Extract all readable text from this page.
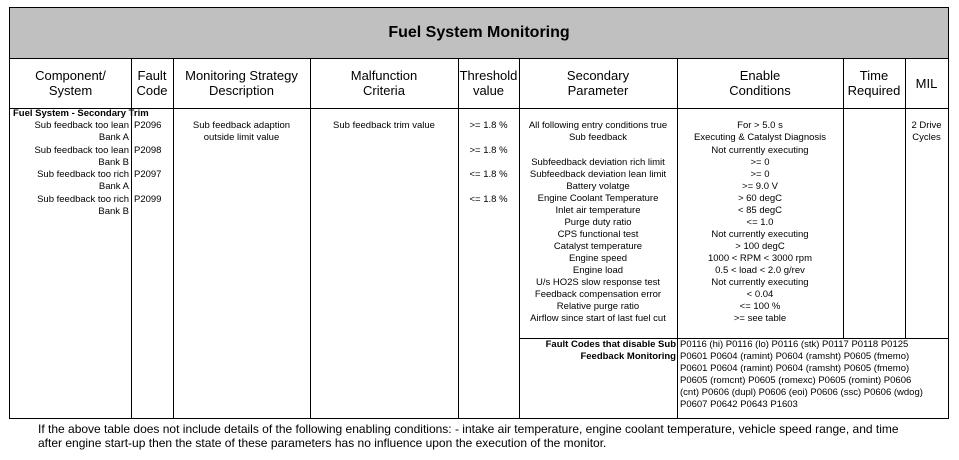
Fuel System Monitoring
Component/
System
Fault
Code
Monitoring Strategy
Description
Malfunction
Criteria
Threshold
value
Secondary
Parameter
Enable
Conditions
Time
Required	MIL
Fuel System - Secondary Trim
Sub feedback too lean
Bank A
Sub feedback too lean
Bank B
Sub feedback too rich
Bank A
Sub feedback too rich
Bank B
P2096
P2098
P2097
P2099
Sub feedback adaption
outside limit value
Sub feedback trim value	>= 1.8 %
>= 1.8 %
<= 1.8 %
<= 1.8 %
All following entry conditions true
Sub feedback
Subfeedback deviation rich limit
Subfeedback deviation lean limit
Battery volatge
Engine Coolant Temperature
Inlet air temperature
Purge duty ratio
CPS functional test
Catalyst temperature
Engine speed
Engine load
U/s HO2S slow response test
Feedback compensation error
Relative purge ratio
Airflow since start of last fuel cut
For > 5.0 s
Executing & Catalyst Diagnosis
Not currently executing
>= 0
>= 0
>= 9.0 V
> 60 degC
< 85 degC
<= 1.0
Not currently executing
> 100 degC
1000 < RPM < 3000 rpm
0.5 < load < 2.0 g/rev
Not currently executing
< 0.04
<= 100 %
>= see table
2 Drive
Cycles
Fault Codes that disable Sub
Feedback Monitoring
P0116 (hi) P0116 (lo) P0116 (stk) P0117 P0118 P0125
P0601 P0604 (ramint) P0604 (ramsht) P0605 (fmemo)
P0601 P0604 (ramint) P0604 (ramsht) P0605 (fmemo)
P0605 (romcnt) P0605 (romexc) P0605 (romint) P0606
(cnt) P0606 (dupl) P0606 (eoi) P0606 (ssc) P0606 (wdog)
P0607 P0642 P0643 P1603
If the above table does not include details of the following enabling conditions: - intake air temperature, engine coolant temperature, vehicle speed range, and time after engine start-up then the state of these parameters has no influence upon the execution of the monitor.
